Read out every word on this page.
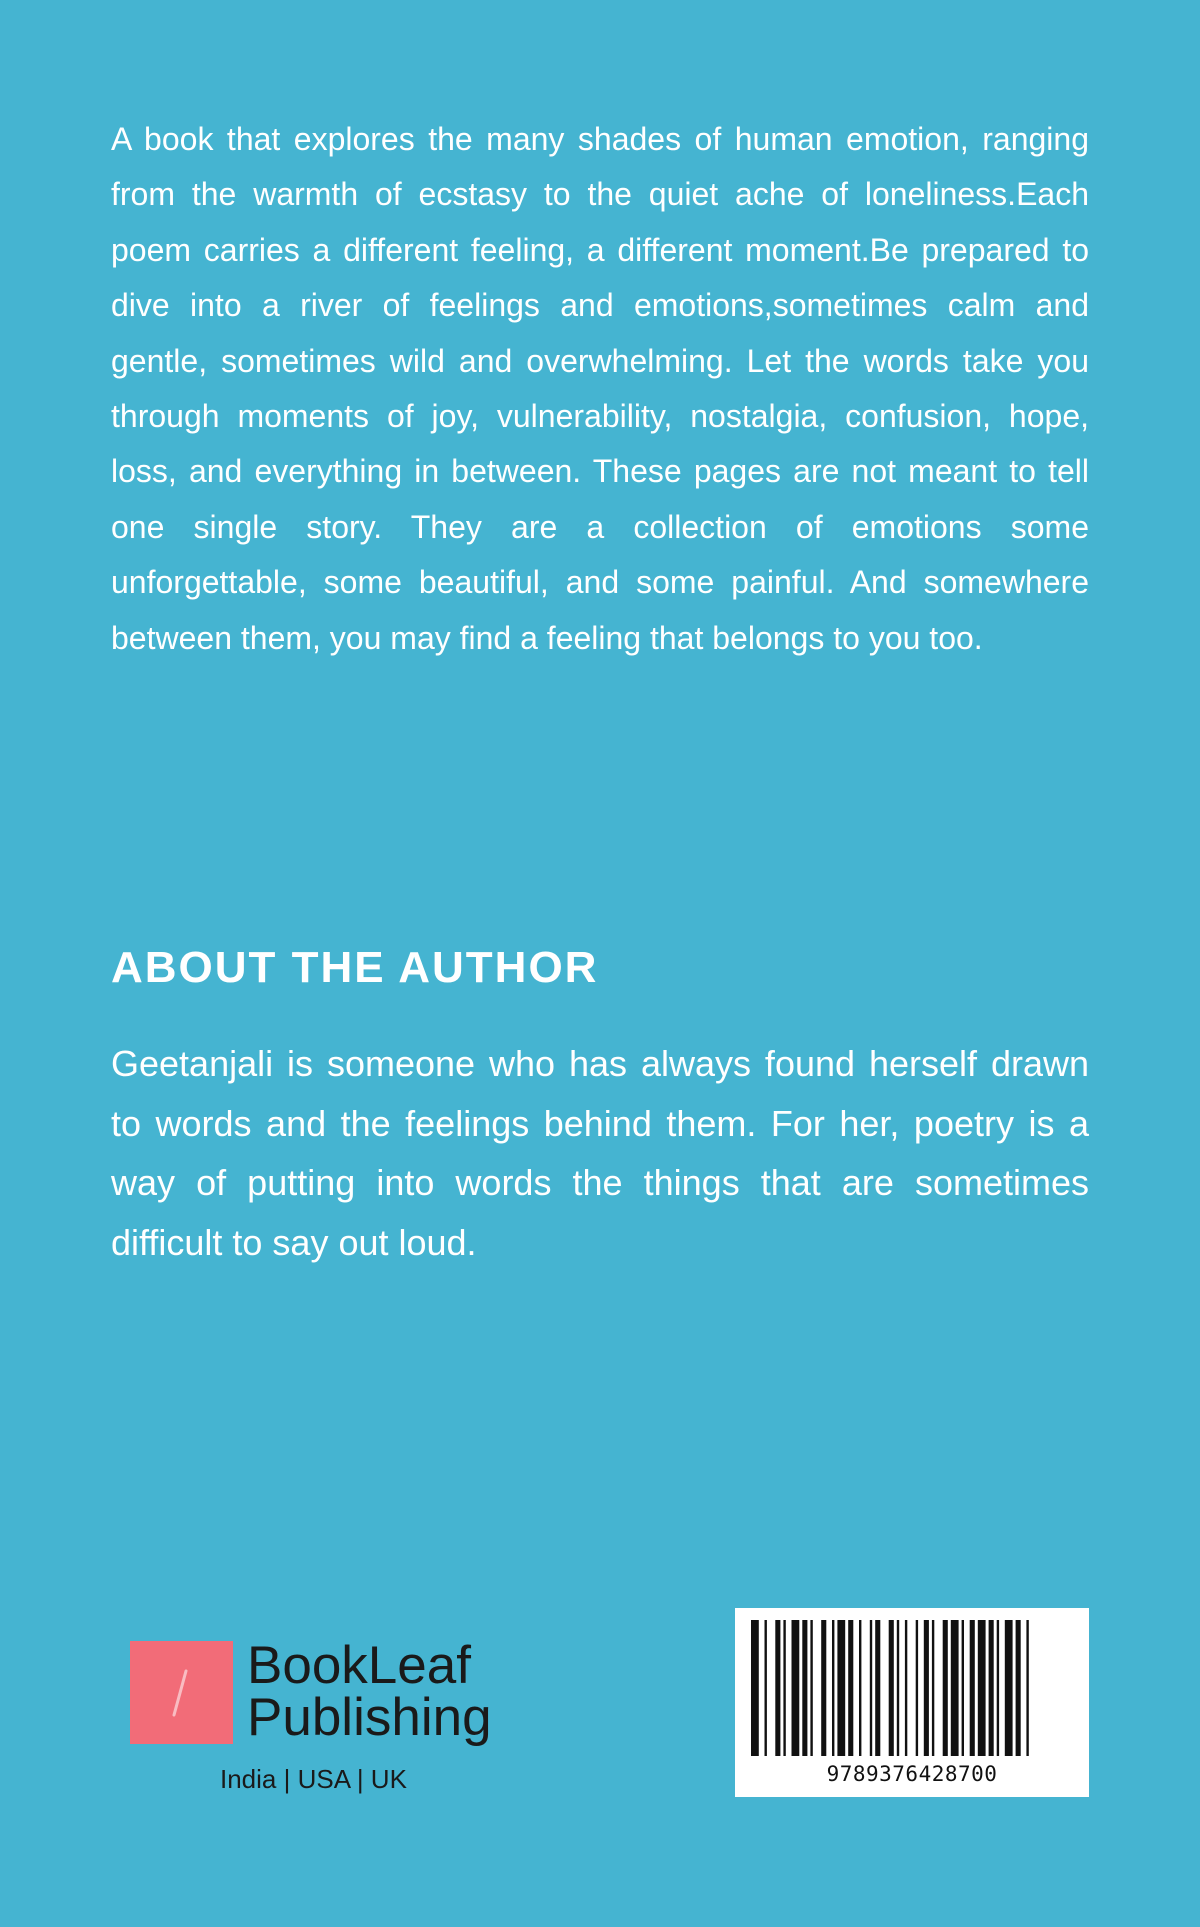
A book that explores the many shades of human emotion, ranging from the warmth of ecstasy to the quiet ache of loneliness.Each poem carries a different feeling, a different moment.Be prepared to dive into a river of feelings and emotions,sometimes calm and gentle, sometimes wild and overwhelming. Let the words take you through moments of joy, vulnerability, nostalgia, confusion, hope, loss, and everything in between. These pages are not meant to tell one single story. They are a collection of emotions some unforgettable, some beautiful, and some painful. And somewhere between them, you may find a feeling that belongs to you too.

ABOUT THE AUTHOR

Geetanjali is someone who has always found herself drawn to words and the feelings behind them. For her, poetry is a way of putting into words the things that are sometimes difficult to say out loud.

BookLeaf
Publishing
India | USA | UK	9789376428700
